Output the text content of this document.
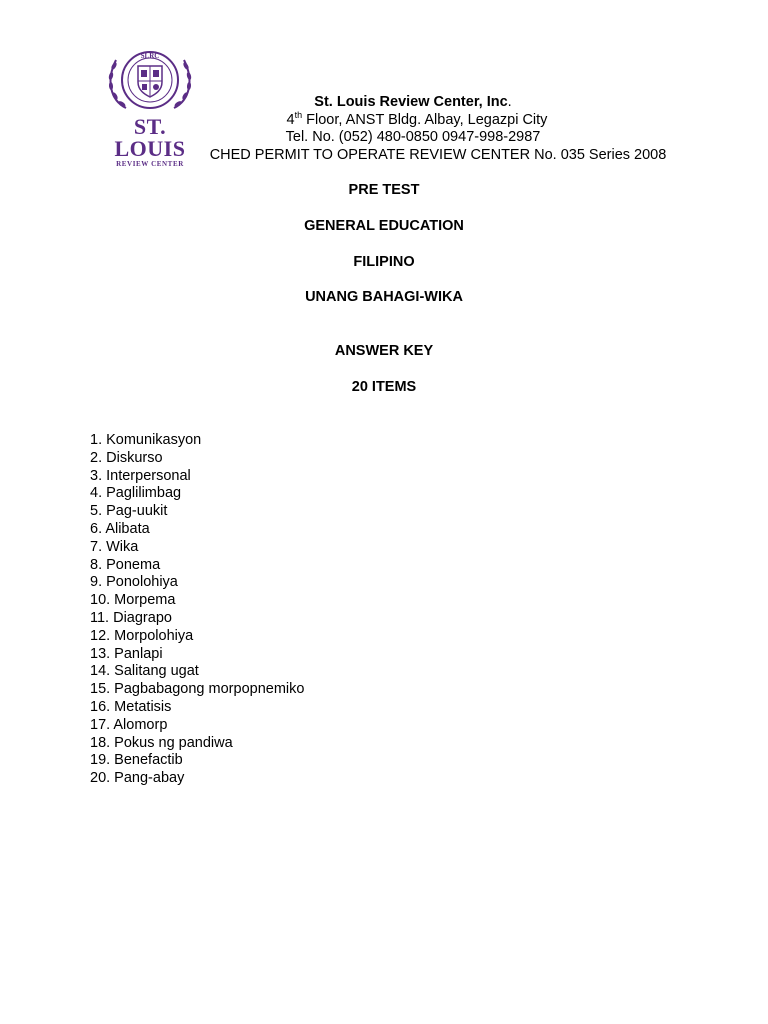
SLRC
ST. LOUIS
REVIEW CENTER
St. Louis Review Center, Inc.
4th Floor, ANST Bldg. Albay, Legazpi City
Tel. No. (052) 480-0850 0947-998-2987
CHED PERMIT TO OPERATE REVIEW CENTER No. 035 Series 2008
PRE TEST
GENERAL EDUCATION
FILIPINO
UNANG BAHAGI-WIKA
ANSWER KEY
20 ITEMS
1. Komunikasyon
2. Diskurso
3. Interpersonal
4. Paglilimbag
5. Pag-uukit
6. Alibata
7. Wika
8. Ponema
9. Ponolohiya
10. Morpema
11. Diagrapo
12. Morpolohiya
13. Panlapi
14. Salitang ugat
15. Pagbabagong morpopnemiko
16. Metatisis
17. Alomorp
18. Pokus ng pandiwa
19. Benefactib
20. Pang-abay
